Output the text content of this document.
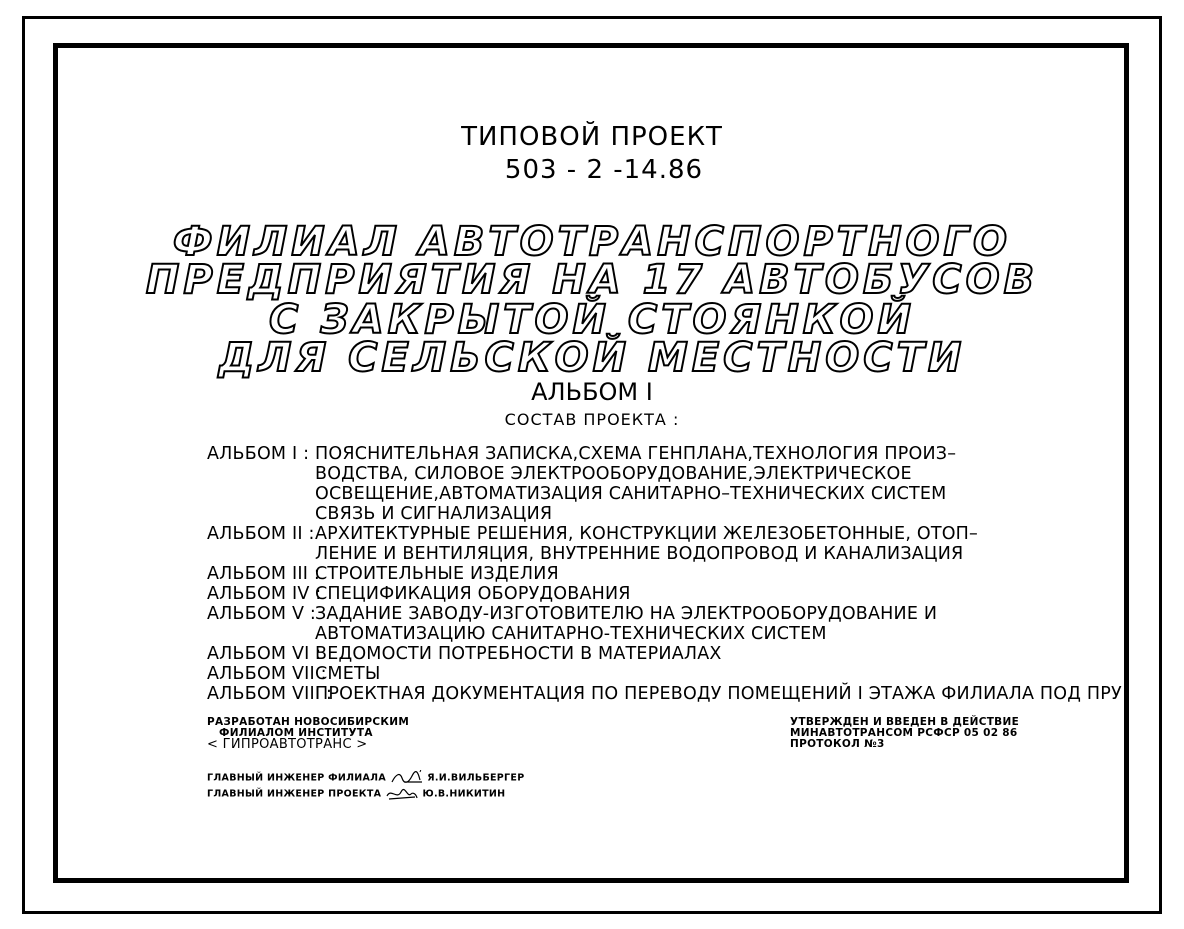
ТИПОВОЙ ПРОЕКТ
503 - 2 -14.86
ФИЛИАЛ АВТОТРАНСПОРТНОГО
ПРЕДПРИЯТИЯ НА 17 АВТОБУСОВ
С ЗАКРЫТОЙ СТОЯНКОЙ
ДЛЯ СЕЛЬСКОЙ МЕСТНОСТИ
АЛЬБОМ I
СОСТАВ ПРОЕКТА :
АЛЬБОМ I : ПОЯСНИТЕЛЬНАЯ ЗАПИСКА,СХЕМА ГЕНПЛАНА,ТЕХНОЛОГИЯ ПРОИЗ–
ВОДСТВА, СИЛОВОЕ ЭЛЕКТРООБОРУДОВАНИЕ,ЭЛЕКТРИЧЕСКОЕ
ОСВЕЩЕНИЕ,АВТОМАТИЗАЦИЯ САНИТАРНО–ТЕХНИЧЕСКИХ СИСТЕМ
СВЯЗЬ И СИГНАЛИЗАЦИЯ
АЛЬБОМ II :АРХИТЕКТУРНЫЕ РЕШЕНИЯ, КОНСТРУКЦИИ ЖЕЛЕЗОБЕТОННЫЕ, ОТОП–
ЛЕНИЕ И ВЕНТИЛЯЦИЯ, ВНУТРЕННИЕ ВОДОПРОВОД И КАНАЛИЗАЦИЯ
АЛЬБОМ III :СТРОИТЕЛЬНЫЕ ИЗДЕЛИЯ
АЛЬБОМ IV :СПЕЦИФИКАЦИЯ ОБОРУДОВАНИЯ
АЛЬБОМ V :ЗАДАНИЕ ЗАВОДУ-ИЗГОТОВИТЕЛЮ НА ЭЛЕКТРООБОРУДОВАНИЕ И
АВТОМАТИЗАЦИЮ САНИТАРНО-ТЕХНИЧЕСКИХ СИСТЕМ
АЛЬБОМ VI :ВЕДОМОСТИ ПОТРЕБНОСТИ В МАТЕРИАЛАХ
АЛЬБОМ VII :СМЕТЫ
АЛЬБОМ VIII :ПРОЕКТНАЯ ДОКУМЕНТАЦИЯ ПО ПЕРЕВОДУ ПОМЕЩЕНИЙ I ЭТАЖА ФИЛИАЛА ПОД ПРУ
РАЗРАБОТАН НОВОСИБИРСКИМ
ФИЛИАЛОМ ИНСТИТУТА
< ГИПРОАВТОТРАНС >
УТВЕРЖДЕН И ВВЕДЕН В ДЕЙСТВИЕ
МИНАВТОТРАНСОМ РСФСР 05 02 86
ПРОТОКОЛ №3
ГЛАВНЫЙ ИНЖЕНЕР ФИЛИАЛА	Я.И.ВИЛЬБЕРГЕР
ГЛАВНЫЙ ИНЖЕНЕР ПРОЕКТА	Ю.В.НИКИТИН
